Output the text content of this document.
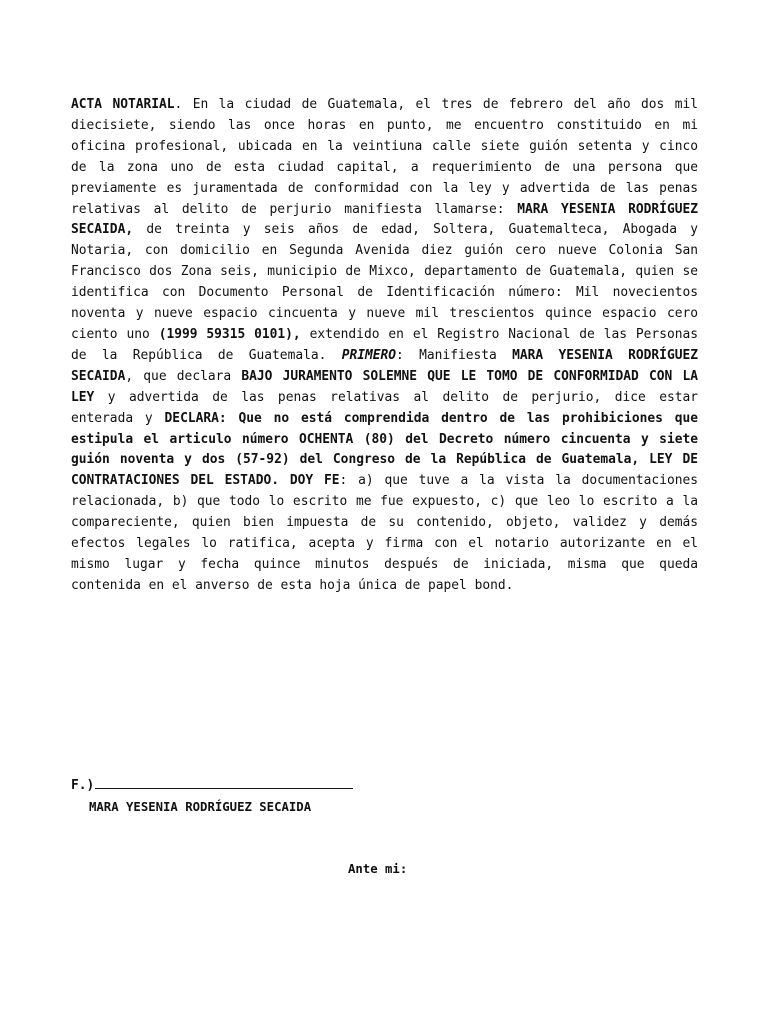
ACTA NOTARIAL. En la ciudad de Guatemala, el tres de febrero del año dos mil diecisiete, siendo las once horas en punto, me encuentro constituido en mi oficina profesional, ubicada en la veintiuna calle siete guión setenta y cinco de la zona uno de esta ciudad capital, a requerimiento de una persona que previamente es juramentada de conformidad con la ley y advertida de las penas relativas al delito de perjurio manifiesta llamarse: MARA YESENIA RODRÍGUEZ SECAIDA, de treinta y seis años de edad, Soltera, Guatemalteca, Abogada y Notaria, con domicilio en Segunda Avenida diez guión cero nueve Colonia San Francisco dos Zona seis, municipio de Mixco, departamento de Guatemala, quien se identifica con Documento Personal de Identificación número: Mil novecientos noventa y nueve espacio cincuenta y nueve mil trescientos quince espacio cero ciento uno (1999 59315 0101), extendido en el Registro Nacional de las Personas de la República de Guatemala. PRIMERO: Manifiesta MARA YESENIA RODRÍGUEZ SECAIDA, que declara BAJO JURAMENTO SOLEMNE QUE LE TOMO DE CONFORMIDAD CON LA LEY y advertida de las penas relativas al delito de perjurio, dice estar enterada y DECLARA: Que no está comprendida dentro de las prohibiciones que estipula el articulo número OCHENTA (80) del Decreto número cincuenta y siete guión noventa y dos (57-92) del Congreso de la República de Guatemala, LEY DE CONTRATACIONES DEL ESTADO. DOY FE: a) que tuve a la vista la documentaciones relacionada, b) que todo lo escrito me fue expuesto, c) que leo lo escrito a la compareciente, quien bien impuesta de su contenido, objeto, validez y demás efectos legales lo ratifica, acepta y firma con el notario autorizante en el mismo lugar y fecha quince minutos después de iniciada, misma que queda contenida en el anverso de esta hoja única de papel bond.

F.)
MARA YESENIA RODRÍGUEZ SECAIDA
Ante mi:
